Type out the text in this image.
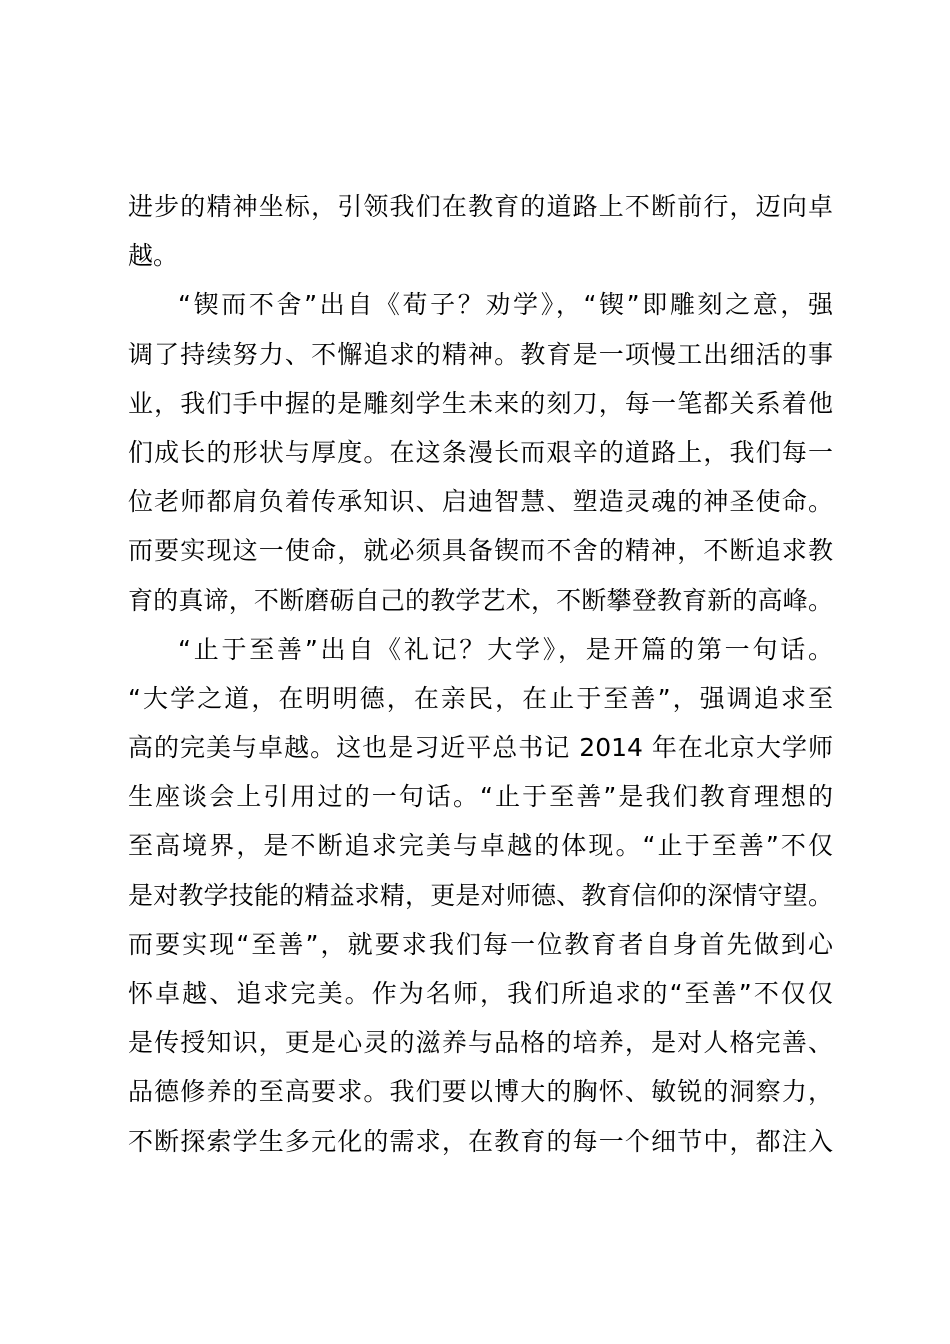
进步的精神坐标，引领我们在教育的道路上不断前行，迈向卓
越。
“锲而不舍”出自《荀子？劝学》，“锲”即雕刻之意，强
调了持续努力、不懈追求的精神。教育是一项慢工出细活的事
业，我们手中握的是雕刻学生未来的刻刀，每一笔都关系着他
们成长的形状与厚度。在这条漫长而艰辛的道路上，我们每一
位老师都肩负着传承知识、启迪智慧、塑造灵魂的神圣使命。
而要实现这一使命，就必须具备锲而不舍的精神，不断追求教
育的真谛，不断磨砺自己的教学艺术，不断攀登教育新的高峰。
“止于至善”出自《礼记？大学》，是开篇的第一句话。
“大学之道，在明明德，在亲民，在止于至善”，强调追求至
高的完美与卓越。这也是习近平总书记 2014 年在北京大学师
生座谈会上引用过的一句话。“止于至善”是我们教育理想的
至高境界，是不断追求完美与卓越的体现。“止于至善”不仅
是对教学技能的精益求精，更是对师德、教育信仰的深情守望。
而要实现“至善”，就要求我们每一位教育者自身首先做到心
怀卓越、追求完美。作为名师，我们所追求的“至善”不仅仅
是传授知识，更是心灵的滋养与品格的培养，是对人格完善、
品德修养的至高要求。我们要以博大的胸怀、敏锐的洞察力，
不断探索学生多元化的需求，在教育的每一个细节中，都注入
